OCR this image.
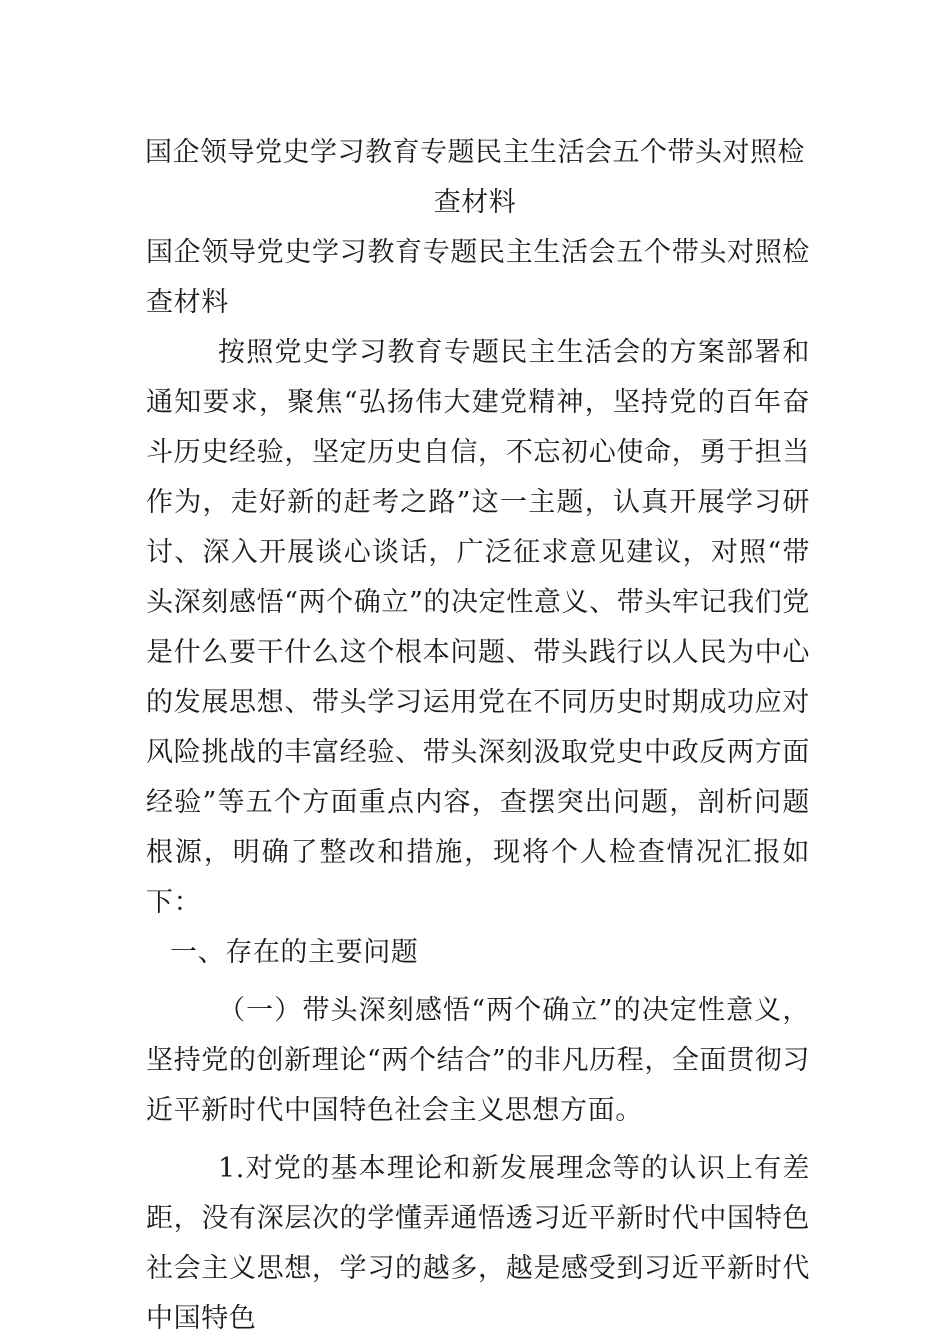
国企领导党史学习教育专题民主生活会五个带头对照检查材料

国企领导党史学习教育专题民主生活会五个带头对照检查材料

按照党史学习教育专题民主生活会的方案部署和通知要求，聚焦“弘扬伟大建党精神，坚持党的百年奋斗历史经验，坚定历史自信，不忘初心使命，勇于担当作为，走好新的赶考之路”这一主题，认真开展学习研讨、深入开展谈心谈话，广泛征求意见建议，对照“带头深刻感悟“两个确立”的决定性意义、带头牢记我们党是什么要干什么这个根本问题、带头践行以人民为中心的发展思想、带头学习运用党在不同历史时期成功应对风险挑战的丰富经验、带头深刻汲取党史中政反两方面经验”等五个方面重点内容，查摆突出问题，剖析问题根源，明确了整改和措施，现将个人检查情况汇报如下：

一、存在的主要问题

（一）带头深刻感悟“两个确立”的决定性意义，坚持党的创新理论“两个结合”的非凡历程，全面贯彻习近平新时代中国特色社会主义思想方面。

1.对党的基本理论和新发展理念等的认识上有差距，没有深层次的学懂弄通悟透习近平新时代中国特色社会主义思想，学习的越多，越是感受到习近平新时代中国特色
